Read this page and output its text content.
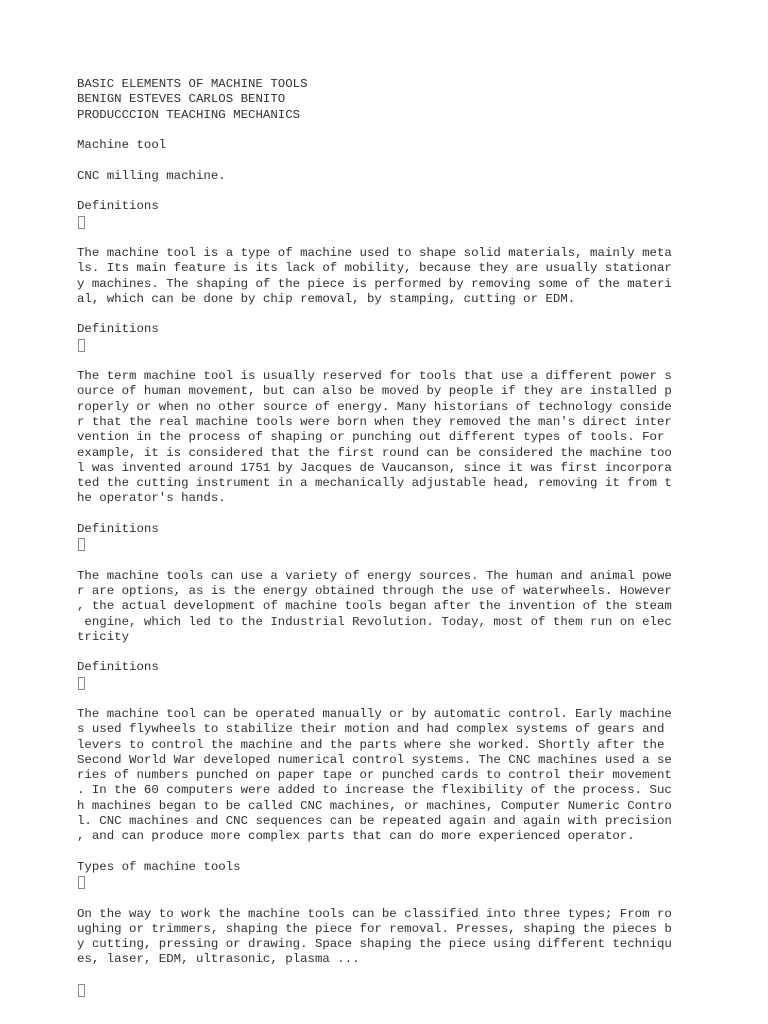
BASIC ELEMENTS OF MACHINE TOOLS
BENIGN ESTEVES CARLOS BENITO
PRODUCCCION TEACHING MECHANICS
Machine tool
CNC milling machine.
Definitions
The machine tool is a type of machine used to shape solid materials, mainly meta
ls. Its main feature is its lack of mobility, because they are usually stationar
y machines. The shaping of the piece is performed by removing some of the materi
al, which can be done by chip removal, by stamping, cutting or EDM.
Definitions
The term machine tool is usually reserved for tools that use a different power s
ource of human movement, but can also be moved by people if they are installed p
roperly or when no other source of energy. Many historians of technology conside
r that the real machine tools were born when they removed the man's direct inter
vention in the process of shaping or punching out different types of tools. For
example, it is considered that the first round can be considered the machine too
l was invented around 1751 by Jacques de Vaucanson, since it was first incorpora
ted the cutting instrument in a mechanically adjustable head, removing it from t
he operator's hands.
Definitions
The machine tools can use a variety of energy sources. The human and animal powe
r are options, as is the energy obtained through the use of waterwheels. However
, the actual development of machine tools began after the invention of the steam
engine, which led to the Industrial Revolution. Today, most of them run on elec
tricity
Definitions
The machine tool can be operated manually or by automatic control. Early machine
s used flywheels to stabilize their motion and had complex systems of gears and
levers to control the machine and the parts where she worked. Shortly after the
Second World War developed numerical control systems. The CNC machines used a se
ries of numbers punched on paper tape or punched cards to control their movement
. In the 60 computers were added to increase the flexibility of the process. Suc
h machines began to be called CNC machines, or machines, Computer Numeric Contro
l. CNC machines and CNC sequences can be repeated again and again with precision
, and can produce more complex parts that can do more experienced operator.
Types of machine tools
On the way to work the machine tools can be classified into three types; From ro
ughing or trimmers, shaping the piece for removal. Presses, shaping the pieces b
y cutting, pressing or drawing. Space shaping the piece using different techniqu
es, laser, EDM, ultrasonic, plasma ...
